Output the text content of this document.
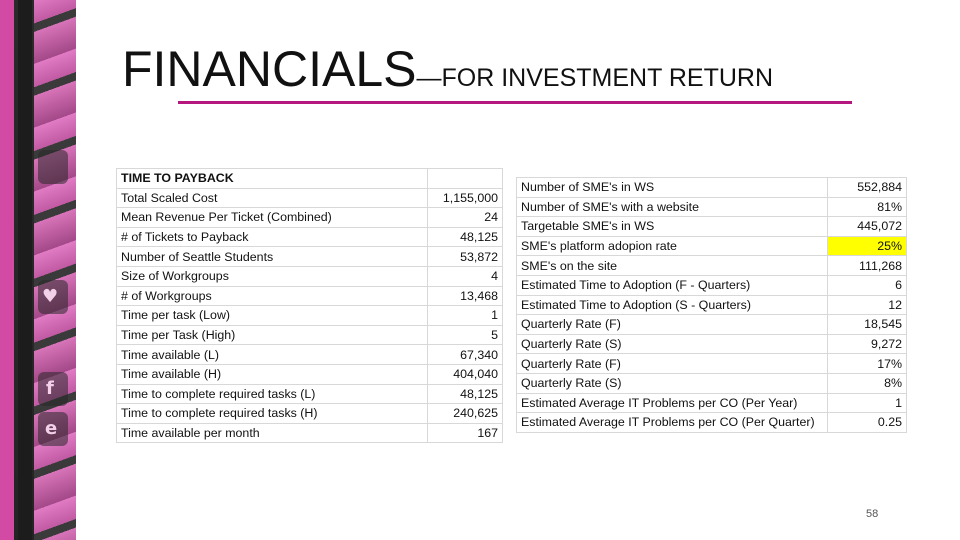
♥
f
e
FINANCIALS—FOR INVESTMENT RETURN
TIME TO PAYBACK	
Total Scaled Cost	1,155,000
Mean Revenue Per Ticket (Combined)	24
# of Tickets to Payback	48,125
Number of Seattle Students	53,872
Size of Workgroups	4
# of Workgroups	13,468
Time per task (Low)	1
Time per Task (High)	5
Time available (L)	67,340
Time available (H)	404,040
Time to complete required tasks (L)	48,125
Time to complete required tasks (H)	240,625
Time available per month	167
Number of SME's in WS	552,884
Number of SME's with a website	81%
Targetable SME's in WS	445,072
SME's platform adopion rate	25%
SME's on the site	111,268
Estimated Time to Adoption (F - Quarters)	6
Estimated Time to Adoption (S - Quarters)	12
Quarterly Rate (F)	18,545
Quarterly Rate (S)	9,272
Quarterly Rate (F)	17%
Quarterly Rate (S)	8%
Estimated Average IT Problems per CO (Per Year)	1
Estimated Average IT Problems per CO (Per Quarter)	0.25
58
